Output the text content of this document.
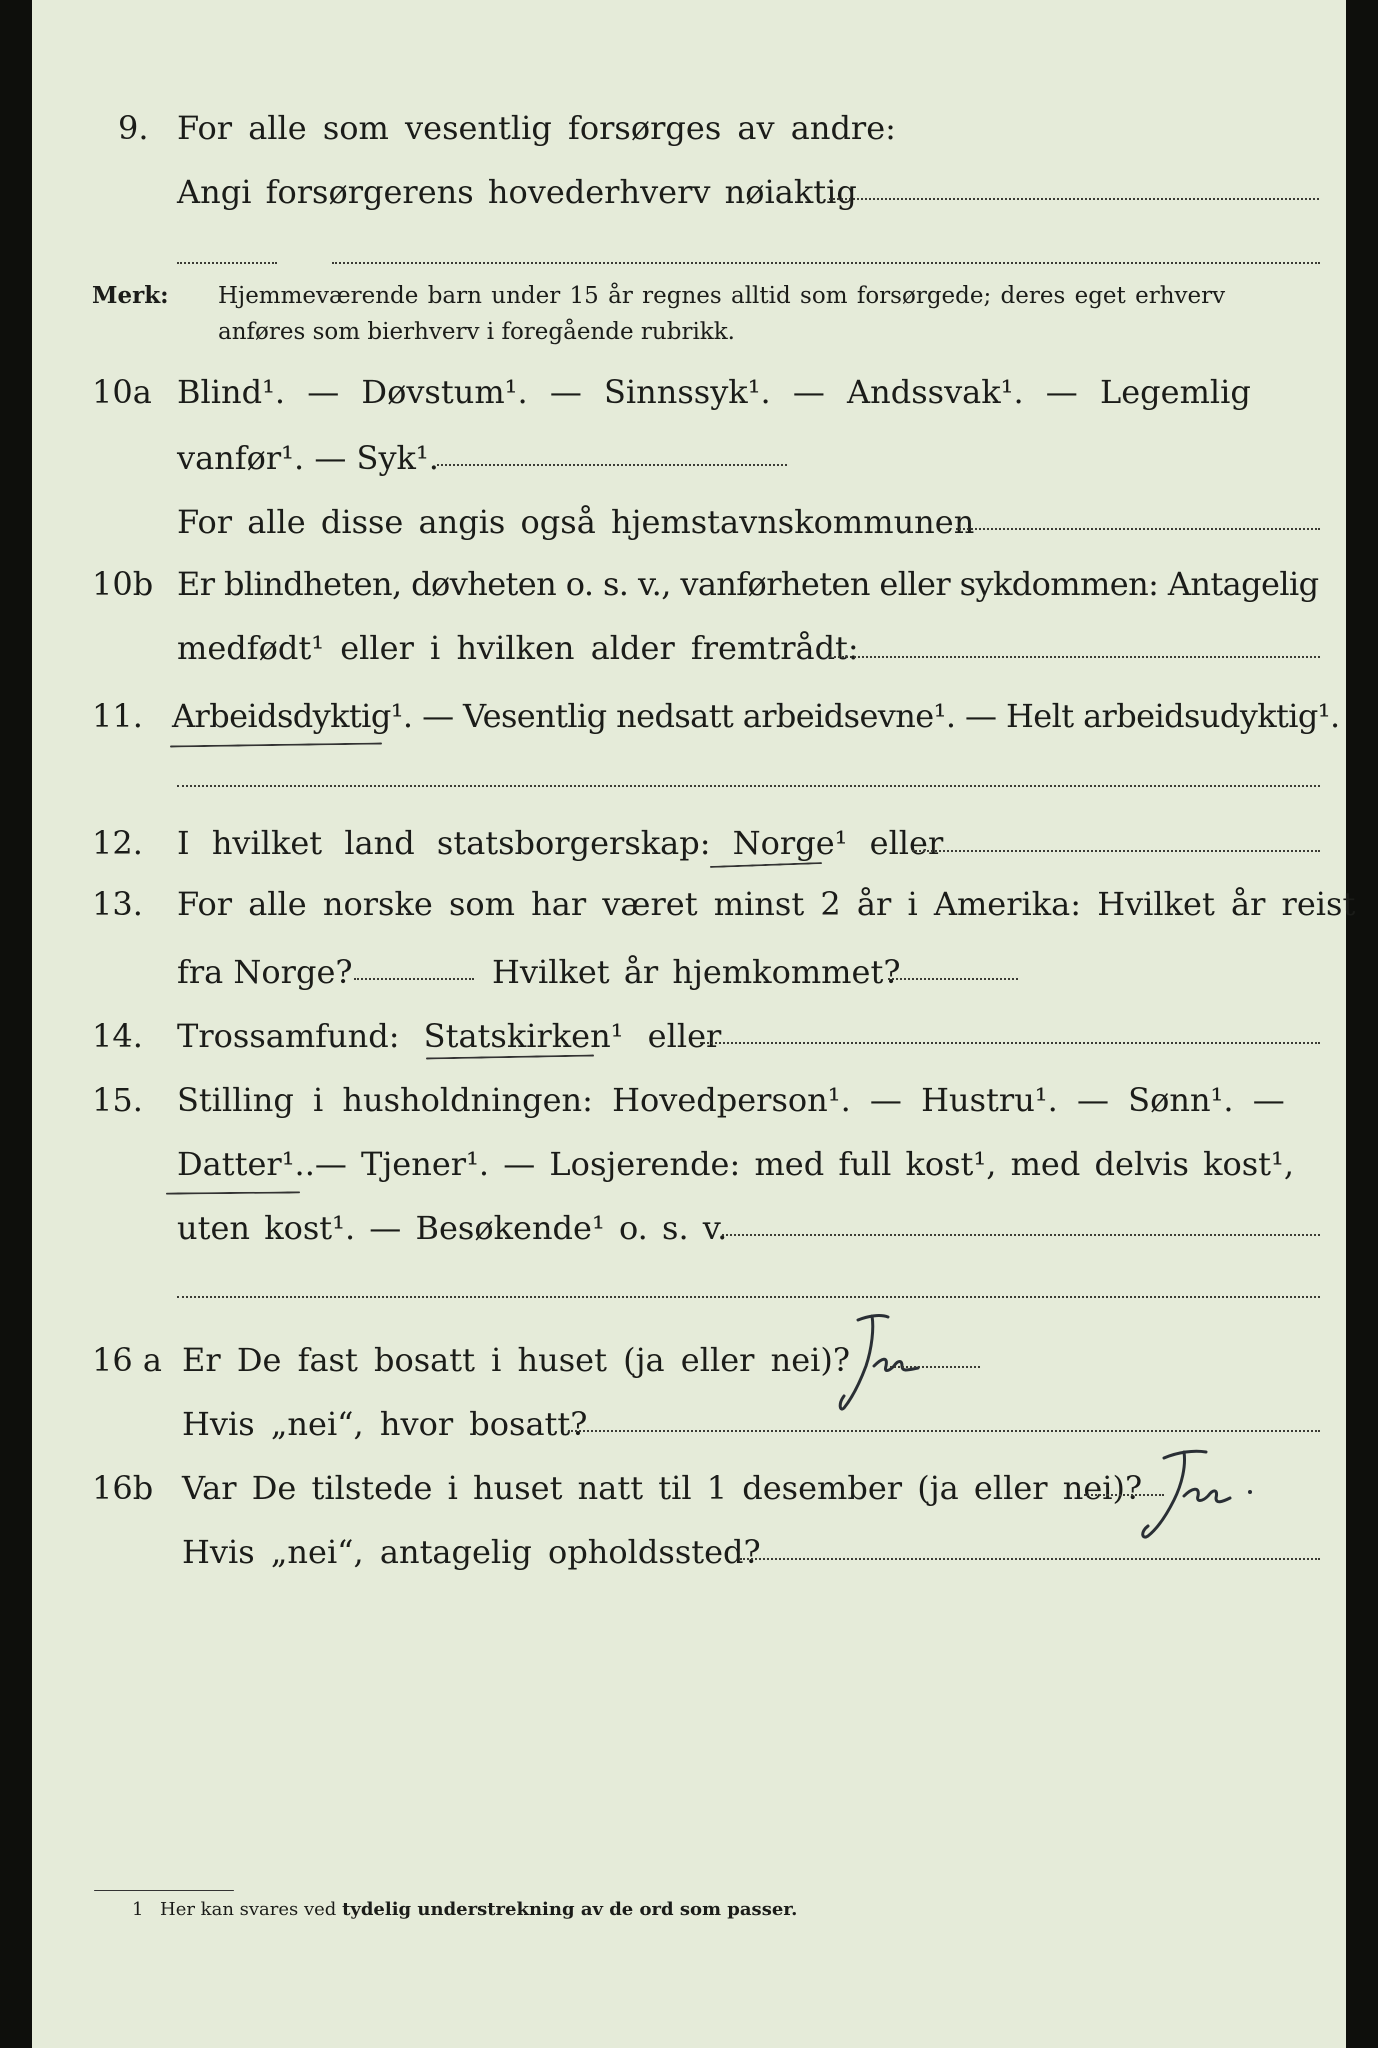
9. For alle som vesentlig forsørges av andre:
Angi forsørgerens hovederhverv nøiaktig
Merk: Hjemmeværende barn under 15 år regnes alltid som forsørgede; deres eget erhverv
anføres som bierhverv i foregående rubrikk.
10a Blind¹. — Døvstum¹. — Sinnssyk¹. — Andssvak¹. — Legemlig
vanfør¹. — Syk¹.
For alle disse angis også hjemstavnskommunen
10b Er blindheten, døvheten o. s. v., vanførheten eller sykdommen: Antagelig
medfødt¹ eller i hvilken alder fremtrådt:
11. Arbeidsdyktig¹. — Vesentlig nedsatt arbeidsevne¹. — Helt arbeidsudyktig¹.
12. I hvilket land statsborgerskap: Norge¹ eller
13. For alle norske som har været minst 2 år i Amerika: Hvilket år reist
fra Norge?	Hvilket år hjemkommet?
14. Trossamfund: Statskirken¹ eller
15. Stilling i husholdningen: Hovedperson¹. — Hustru¹. — Sønn¹. —
Datter¹..— Tjener¹. — Losjerende: med full kost¹, med delvis kost¹,
uten kost¹. — Besøkende¹ o. s. v.
16 a Er De fast bosatt i huset (ja eller nei)?
Hvis „nei“, hvor bosatt?
16b Var De tilstede i huset natt til 1 desember (ja eller nei)?
Hvis „nei“, antagelig opholdssted?
1 Her kan svares ved tydelig understrekning av de ord som passer.
